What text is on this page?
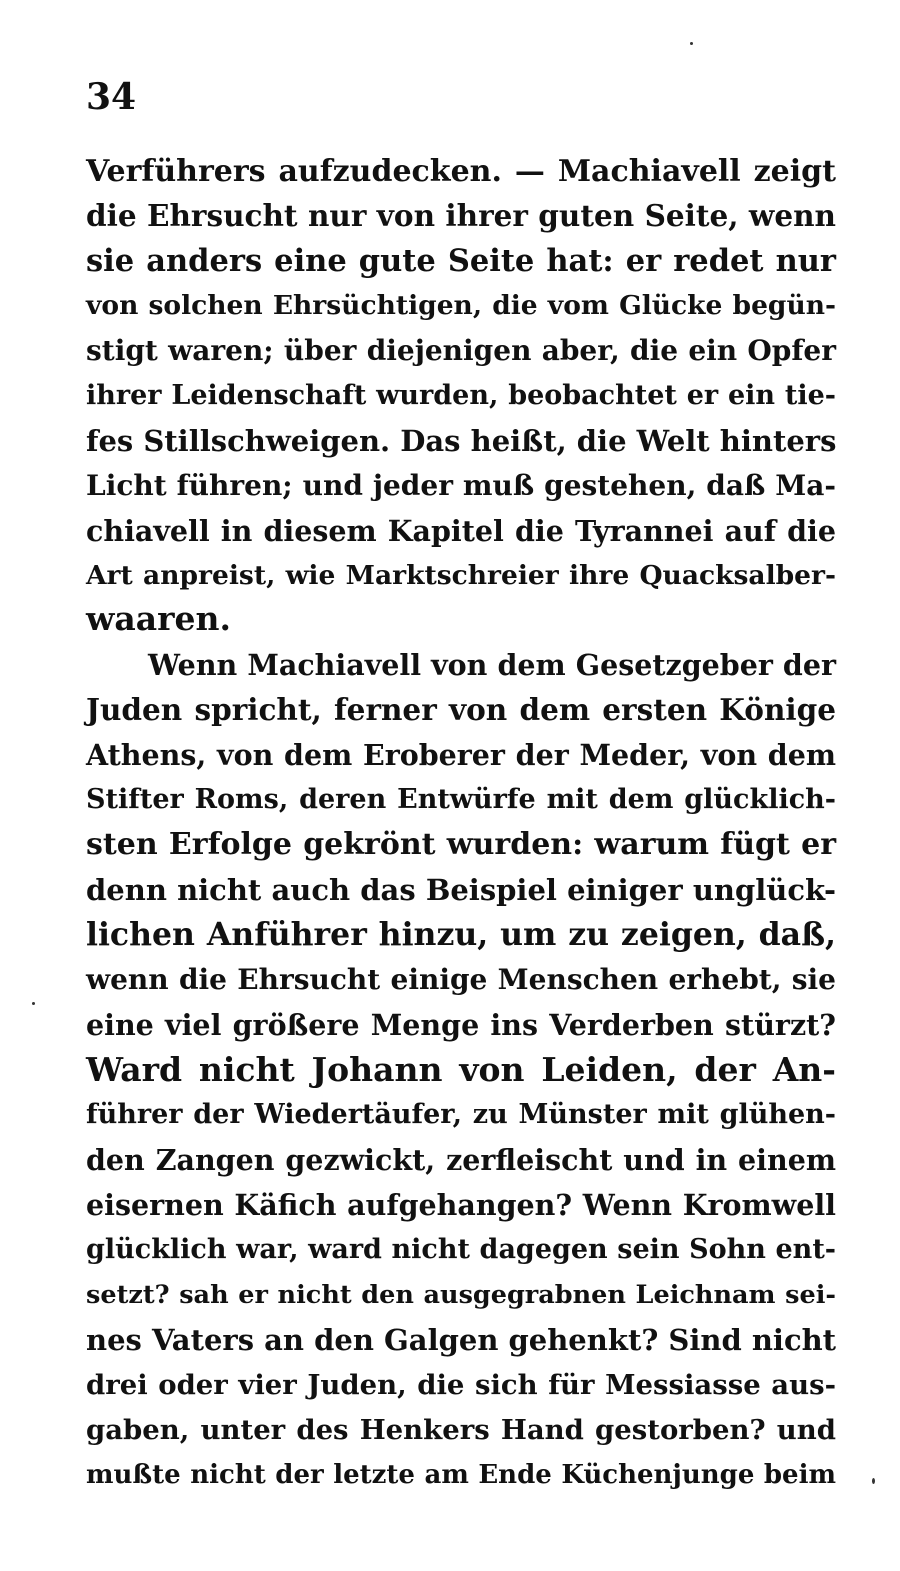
34
Verführers aufzudecken. — Machiavell zeigt
die Ehrsucht nur von ihrer guten Seite, wenn
sie anders eine gute Seite hat: er redet nur
von solchen Ehrsüchtigen, die vom Glücke begün-
stigt waren; über diejenigen aber, die ein Opfer
ihrer Leidenschaft wurden, beobachtet er ein tie-
fes Stillschweigen. Das heißt, die Welt hinters
Licht führen; und jeder muß gestehen, daß Ma-
chiavell in diesem Kapitel die Tyrannei auf die
Art anpreist, wie Marktschreier ihre Quacksalber-
waaren.
Wenn Machiavell von dem Gesetzgeber der
Juden spricht, ferner von dem ersten Könige
Athens, von dem Eroberer der Meder, von dem
Stifter Roms, deren Entwürfe mit dem glücklich-
sten Erfolge gekrönt wurden: warum fügt er
denn nicht auch das Beispiel einiger unglück-
lichen Anführer hinzu, um zu zeigen, daß,
wenn die Ehrsucht einige Menschen erhebt, sie
eine viel größere Menge ins Verderben stürzt?
Ward nicht Johann von Leiden, der An-
führer der Wiedertäufer, zu Münster mit glühen-
den Zangen gezwickt, zerfleischt und in einem
eisernen Käfich aufgehangen? Wenn Kromwell
glücklich war, ward nicht dagegen sein Sohn ent-
setzt? sah er nicht den ausgegrabnen Leichnam sei-
nes Vaters an den Galgen gehenkt? Sind nicht
drei oder vier Juden, die sich für Messiasse aus-
gaben, unter des Henkers Hand gestorben? und
mußte nicht der letzte am Ende Küchenjunge beim
